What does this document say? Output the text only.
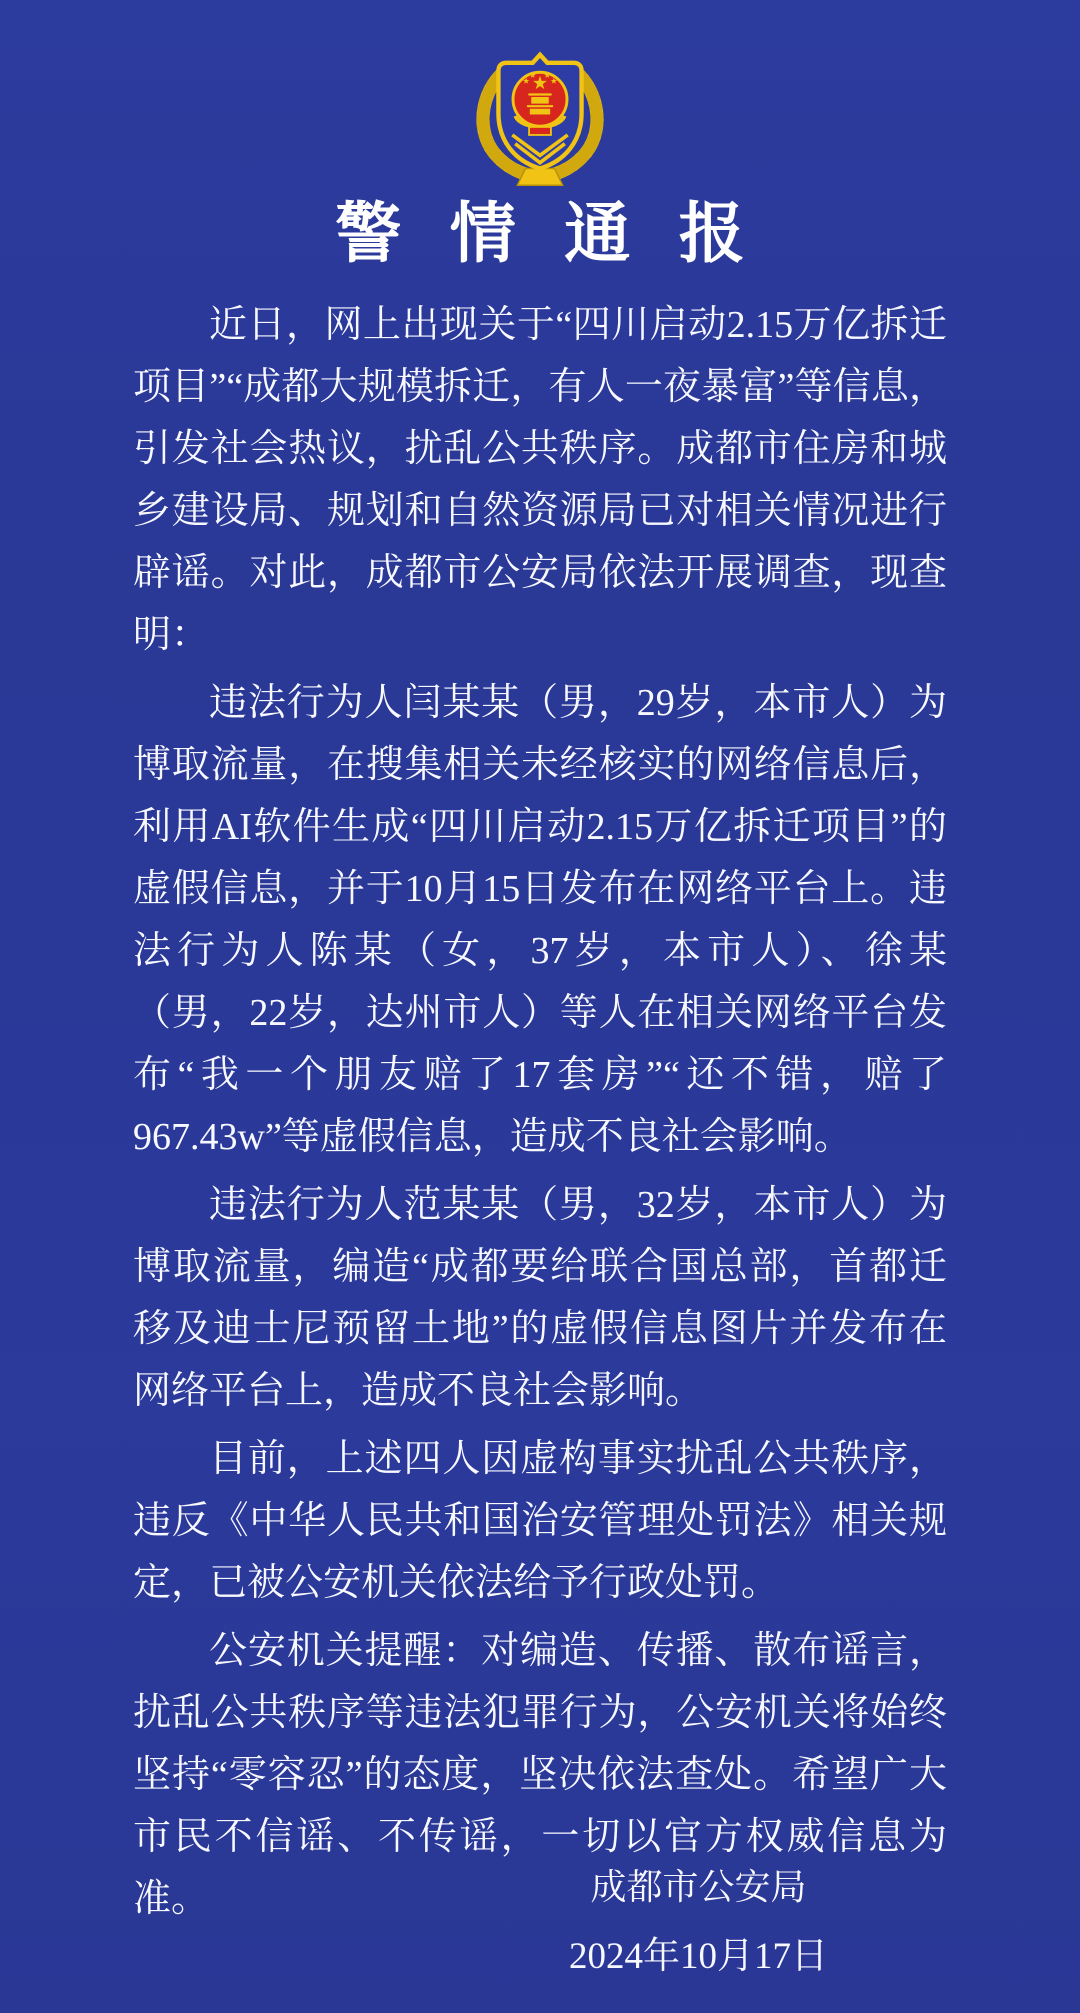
警 情 通 报

近日，网上出现关于“四川启动2.15万亿拆迁项目”“成都大规模拆迁，有人一夜暴富”等信息，引发社会热议，扰乱公共秩序。成都市住房和城乡建设局、规划和自然资源局已对相关情况进行辟谣。对此，成都市公安局依法开展调查，现查明：

违法行为人闫某某（男，29岁，本市人）为博取流量，在搜集相关未经核实的网络信息后，利用AI软件生成“四川启动2.15万亿拆迁项目”的虚假信息，并于10月15日发布在网络平台上。违法行为人陈某（女，37岁，本市人）、徐某（男，22岁，达州市人）等人在相关网络平台发布“我一个朋友赔了17套房”“还不错，赔了967.43w”等虚假信息，造成不良社会影响。

违法行为人范某某（男，32岁，本市人）为博取流量，编造“成都要给联合国总部，首都迁移及迪士尼预留土地”的虚假信息图片并发布在网络平台上，造成不良社会影响。

目前，上述四人因虚构事实扰乱公共秩序，违反《中华人民共和国治安管理处罚法》相关规定，已被公安机关依法给予行政处罚。

公安机关提醒：对编造、传播、散布谣言，扰乱公共秩序等违法犯罪行为，公安机关将始终坚持“零容忍”的态度，坚决依法查处。希望广大市民不信谣、不传谣，一切以官方权威信息为准。	成都市公安局
2024年10月17日
